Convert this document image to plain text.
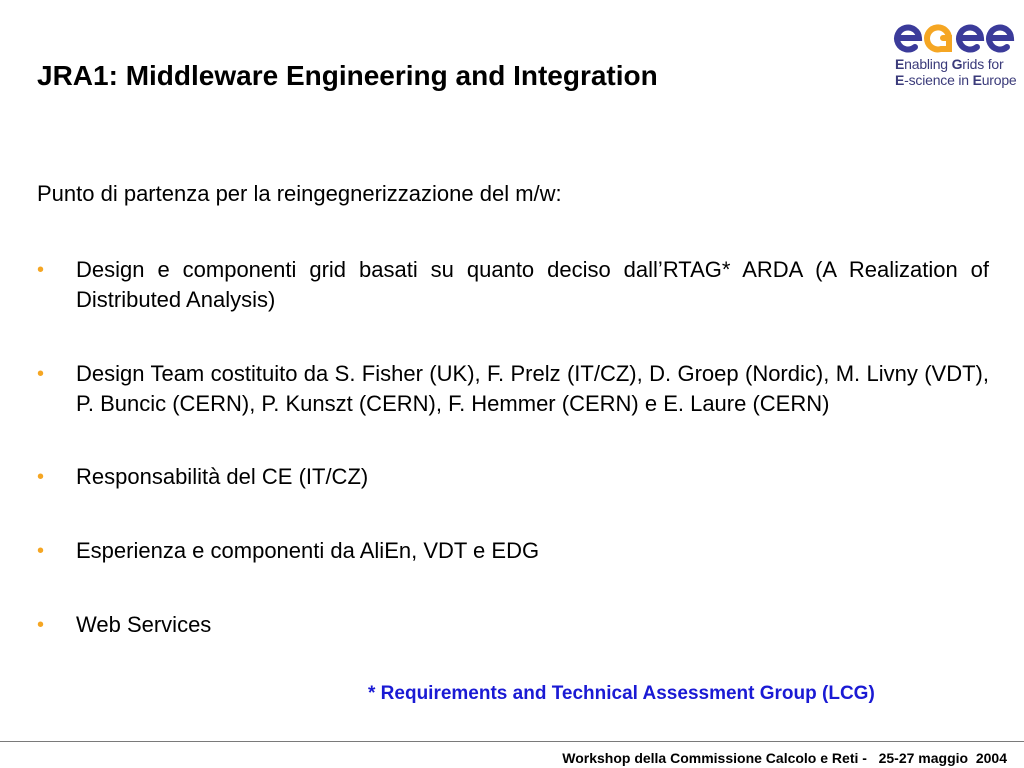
JRA1: Middleware Engineering and Integration	Enabling Grids for
E-science in Europe
Punto di partenza per la reingegnerizzazione del m/w:
• Design e componenti grid basati su quanto deciso dall’RTAG* ARDA (A Realization of Distributed Analysis)
• Design Team costituito da S. Fisher (UK), F. Prelz (IT/CZ), D. Groep (Nordic), M. Livny (VDT), P. Buncic (CERN), P. Kunszt (CERN), F. Hemmer (CERN) e E. Laure (CERN)
• Responsabilità del CE (IT/CZ)
• Esperienza e componenti da AliEn, VDT e EDG
• Web Services
* Requirements and Technical Assessment Group (LCG)
Workshop della Commissione Calcolo e Reti -   25-27 maggio  2004
